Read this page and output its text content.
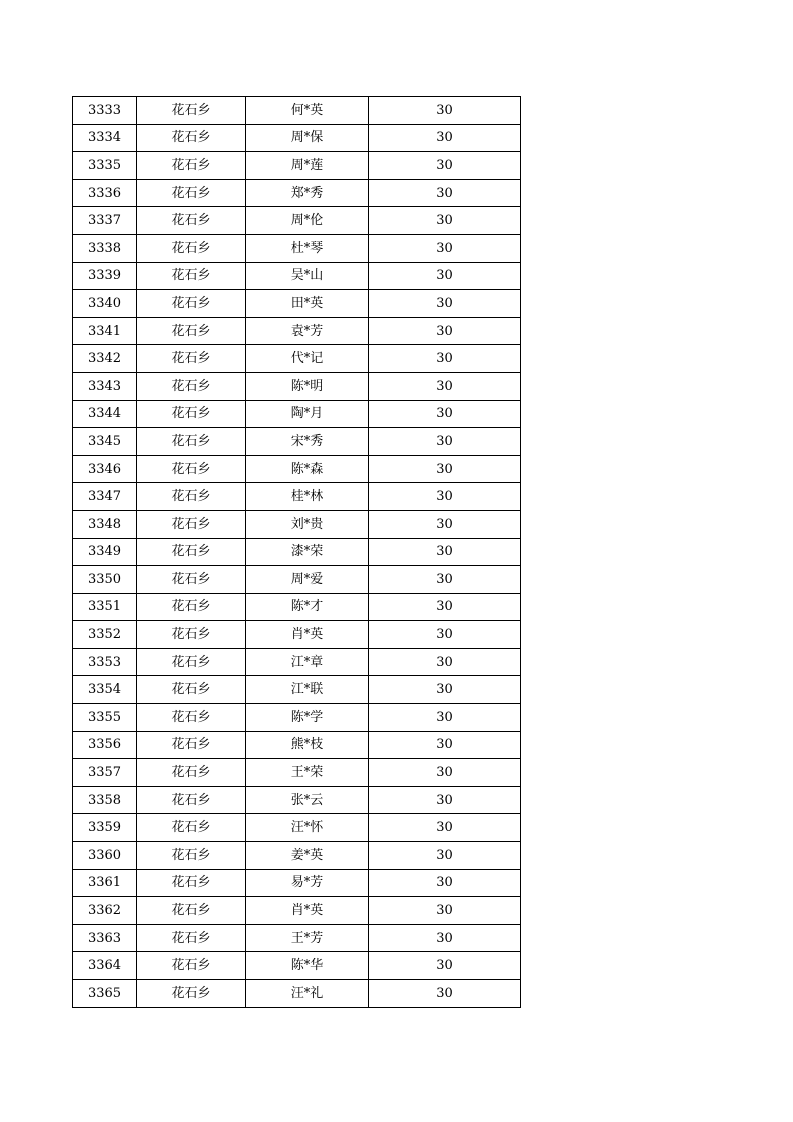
3333	花石乡	何*英	30
3334	花石乡	周*保	30
3335	花石乡	周*莲	30
3336	花石乡	郑*秀	30
3337	花石乡	周*伦	30
3338	花石乡	杜*琴	30
3339	花石乡	吴*山	30
3340	花石乡	田*英	30
3341	花石乡	袁*芳	30
3342	花石乡	代*记	30
3343	花石乡	陈*明	30
3344	花石乡	陶*月	30
3345	花石乡	宋*秀	30
3346	花石乡	陈*森	30
3347	花石乡	桂*林	30
3348	花石乡	刘*贵	30
3349	花石乡	漆*荣	30
3350	花石乡	周*爱	30
3351	花石乡	陈*才	30
3352	花石乡	肖*英	30
3353	花石乡	江*章	30
3354	花石乡	江*联	30
3355	花石乡	陈*学	30
3356	花石乡	熊*枝	30
3357	花石乡	王*荣	30
3358	花石乡	张*云	30
3359	花石乡	汪*怀	30
3360	花石乡	姜*英	30
3361	花石乡	易*芳	30
3362	花石乡	肖*英	30
3363	花石乡	王*芳	30
3364	花石乡	陈*华	30
3365	花石乡	汪*礼	30
